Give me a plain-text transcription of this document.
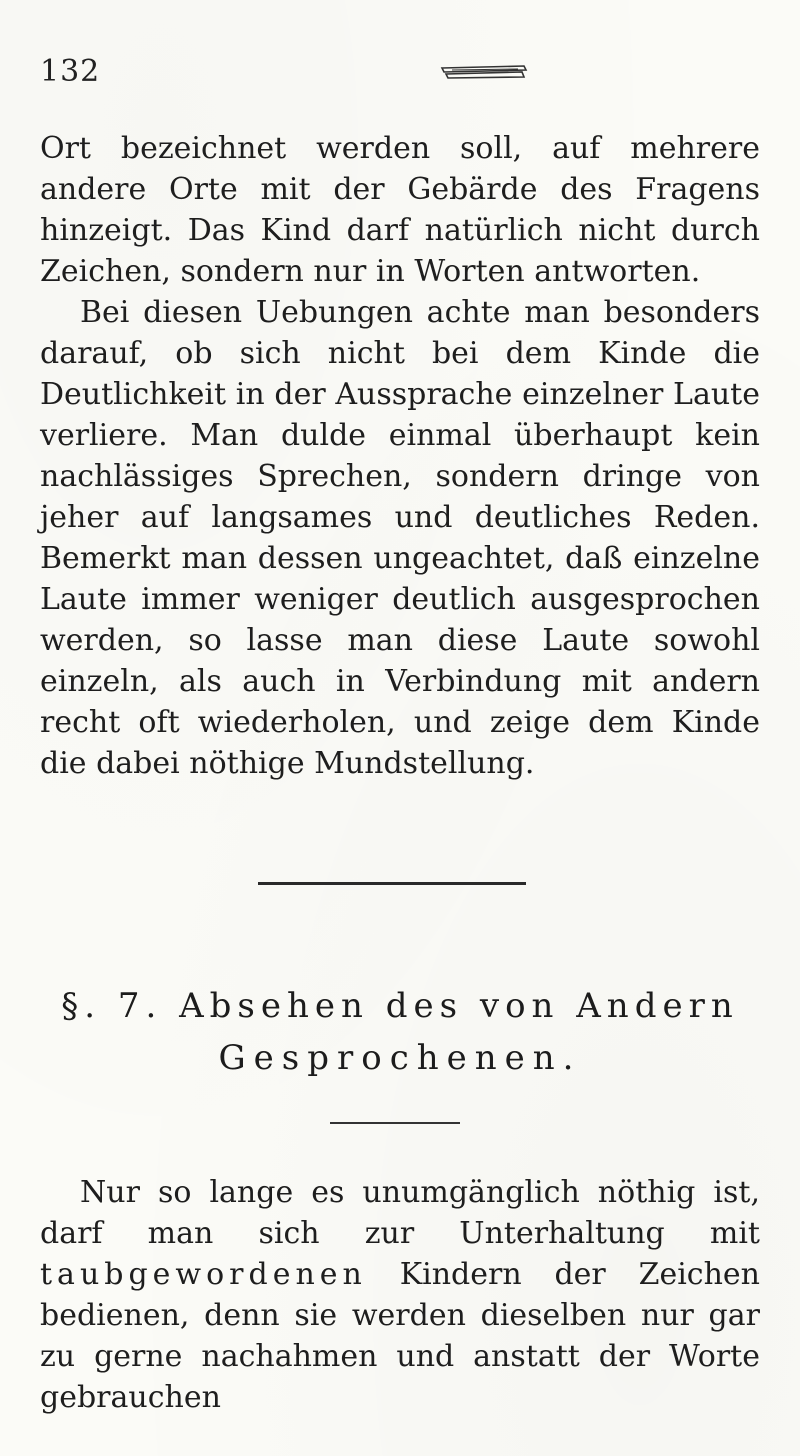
132

Ort bezeichnet werden soll, auf mehrere andere Orte mit der Gebärde des Fragens hinzeigt. Das Kind darf natürlich nicht durch Zeichen, sondern nur in Worten antworten.

Bei diesen Uebungen achte man besonders darauf, ob sich nicht bei dem Kinde die Deutlichkeit in der Aussprache einzelner Laute verliere. Man dulde einmal überhaupt kein nachlässiges Sprechen, sondern dringe von jeher auf langsames und deutliches Reden. Bemerkt man dessen ungeachtet, daß einzelne Laute immer weniger deutlich ausgesprochen werden, so lasse man diese Laute sowohl einzeln, als auch in Verbindung mit andern recht oft wiederholen, und zeige dem Kinde die dabei nöthige Mundstellung.

§. 7. Absehen des von Andern
Gesprochenen.

Nur so lange es unumgänglich nöthig ist, darf man sich zur Unterhaltung mit taubgewordenen Kindern der Zeichen bedienen, denn sie werden dieselben nur gar zu gerne nachahmen und anstatt der Worte gebrauchen
